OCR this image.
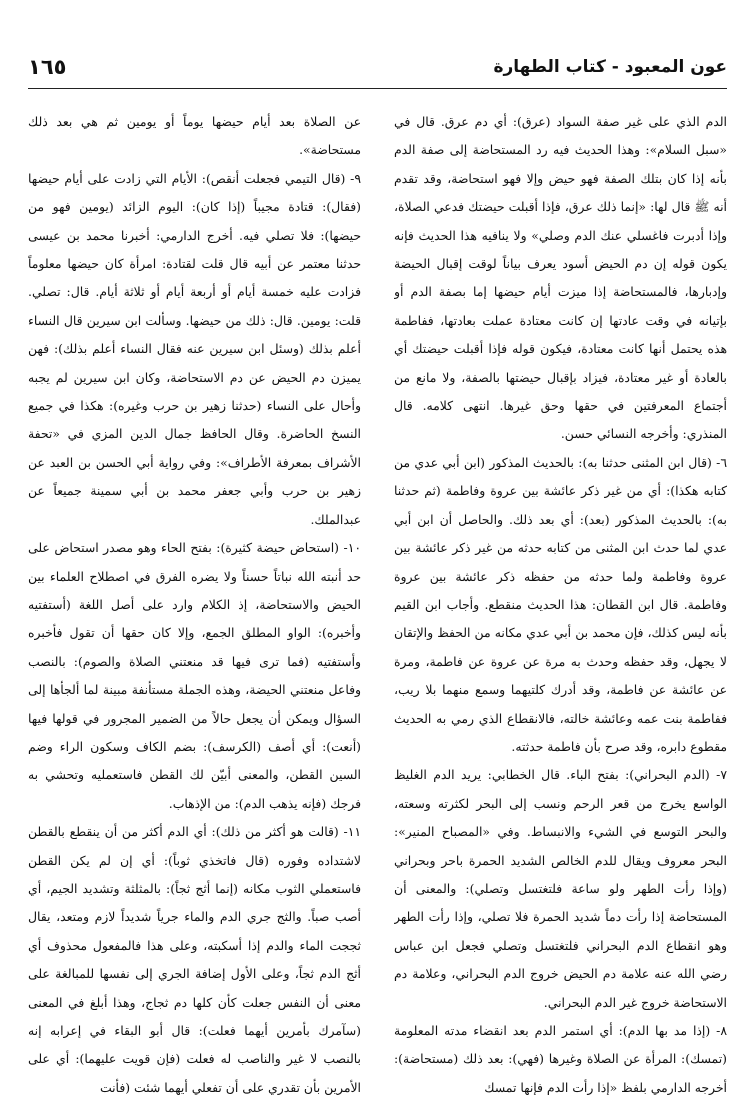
١٦٥	عون المعبود - كتاب الطهارة

الدم الذي على غير صفة السواد (عرق): أي دم عرق. قال في «سبل السلام»: وهذا الحديث فيه رد المستحاضة إلى صفة الدم بأنه إذا كان بتلك الصفة فهو حيض وإلا فهو استحاضة، وقد تقدم أنه ﷺ قال لها: «إنما ذلك عرق، فإذا أقبلت حيضتك فدعي الصلاة، وإذا أدبرت فاغسلي عنك الدم وصلي» ولا ينافيه هذا الحديث فإنه يكون قوله إن دم الحيض أسود يعرف بياناً لوقت إقبال الحيضة وإدبارها، فالمستحاضة إذا ميزت أيام حيضها إما بصفة الدم أو بإتيانه في وقت عادتها إن كانت معتادة عملت بعادتها، ففاطمة هذه يحتمل أنها كانت معتادة، فيكون قوله فإذا أقبلت حيضتك أي بالعادة أو غير معتادة، فيزاد بإقبال حيضتها بالصفة، ولا مانع من أجتماع المعرفتين في حقها وحق غيرها. انتهى كلامه. قال المنذري: وأخرجه النسائي حسن.

٦- (قال ابن المثنى حدثنا به): بالحديث المذكور (ابن أبي عدي من كتابه هكذا): أي من غير ذكر عائشة بين عروة وفاطمة (ثم حدثنا به): بالحديث المذكور (بعد): أي بعد ذلك. والحاصل أن ابن أبي عدي لما حدث ابن المثنى من كتابه حدثه من غير ذكر عائشة بين عروة وفاطمة ولما حدثه من حفظه ذكر عائشة بين عروة وفاطمة. قال ابن القطان: هذا الحديث منقطع. وأجاب ابن القيم بأنه ليس كذلك، فإن محمد بن أبي عدي مكانه من الحفظ والإتقان لا يجهل، وقد حفظه وحدث به مرة عن عروة عن فاطمة، ومرة عن عائشة عن فاطمة، وقد أدرك كلتيهما وسمع منهما بلا ريب، ففاطمة بنت عمه وعائشة خالته، فالانقطاع الذي رمي به الحديث مقطوع دابره، وقد صرح بأن فاطمة حدثته.

٧- (الدم البحراني): بفتح الباء. قال الخطابي: يريد الدم الغليظ الواسع يخرج من قعر الرحم ونسب إلى البحر لكثرته وسعته، والبحر التوسع في الشيء والانبساط. وفي «المصباح المنير»: البحر معروف ويقال للدم الخالص الشديد الحمرة باحر وبحراني (وإذا رأت الطهر ولو ساعة فلتغتسل وتصلي): والمعنى أن المستحاضة إذا رأت دماً شديد الحمرة فلا تصلي، وإذا رأت الطهر وهو انقطاع الدم البحراني فلتغتسل وتصلي فجعل ابن عباس رضي الله عنه علامة دم الحيض خروج الدم البحراني، وعلامة دم الاستحاضة خروج غير الدم البحراني.

٨- (إذا مد بها الدم): أي استمر الدم بعد انقضاء مدته المعلومة (تمسك): المرأة عن الصلاة وغيرها (فهي): بعد ذلك (مستحاضة): أخرجه الدارمي بلفظ «إذا رأت الدم فإنها تمسك

عن الصلاة بعد أيام حيضها يوماً أو يومين ثم هي بعد ذلك مستحاضة».

٩- (قال التيمي فجعلت أنقص): الأيام التي زادت على أيام حيضها (فقال): قتادة مجيباً (إذا كان): اليوم الزائد (يومين فهو من حيضها): فلا تصلي فيه. أخرج الدارمي: أخبرنا محمد بن عيسى حدثنا معتمر عن أبيه قال قلت لقتادة: امرأة كان حيضها معلوماً فزادت عليه خمسة أيام أو أربعة أيام أو ثلاثة أيام. قال: تصلي. قلت: يومين. قال: ذلك من حيضها. وسألت ابن سيرين قال النساء أعلم بذلك (وسئل ابن سيرين عنه فقال النساء أعلم بذلك): فهن يميزن دم الحيض عن دم الاستحاضة، وكان ابن سيرين لم يجبه وأحال على النساء (حدثنا زهير بن حرب وغيره): هكذا في جميع النسخ الحاضرة. وقال الحافظ جمال الدين المزي في «تحفة الأشراف بمعرفة الأطراف»: وفي رواية أبي الحسن بن العبد عن زهير بن حرب وأبي جعفر محمد بن أبي سمينة جميعاً عن عبدالملك.

١٠- (استحاض حيضة كثيرة): بفتح الحاء وهو مصدر استحاض على حد أنبته الله نباتاً حسناً ولا يضره الفرق في اصطلاح العلماء بين الحيض والاستحاضة، إذ الكلام وارد على أصل اللغة (أستفتيه وأخبره): الواو المطلق الجمع، وإلا كان حقها أن تقول فأخبره وأستفتيه (فما ترى فيها قد منعتني الصلاة والصوم): بالنصب وفاعل منعتني الحيضة، وهذه الجملة مستأنفة مبينة لما ألجأها إلى السؤال ويمكن أن يجعل حالاً من الضمير المجرور في قولها فيها (أنعت): أي أصف (الكرسف): بضم الكاف وسكون الراء وضم السين القطن، والمعنى أبيّن لك القطن فاستعمليه وتحشي به فرجك (فإنه يذهب الدم): من الإذهاب.

١١- (قالت هو أكثر من ذلك): أي الدم أكثر من أن ينقطع بالقطن لاشتداده وفوره (قال فاتخذي ثوباً): أي إن لم يكن القطن فاستعملي الثوب مكانه (إنما أثج ثجاً): بالمثلثة وتشديد الجيم، أي أصب صباً. والثج جري الدم والماء جرياً شديداً لازم ومتعد، يقال ثججت الماء والدم إذا أسكبته، وعلى هذا فالمفعول محذوف أي أثج الدم ثجاً، وعلى الأول إضافة الجري إلى نفسها للمبالغة على معنى أن النفس جعلت كأن كلها دم ثجاج، وهذا أبلغ في المعنى (سآمرك بأمرين أيهما فعلت): قال أبو البقاء في إعرابه إنه بالنصب لا غير والناصب له فعلت (فإن قويت عليهما): أي على الأمرين بأن تقدري على أن تفعلي أيهما شئت (فأنت
